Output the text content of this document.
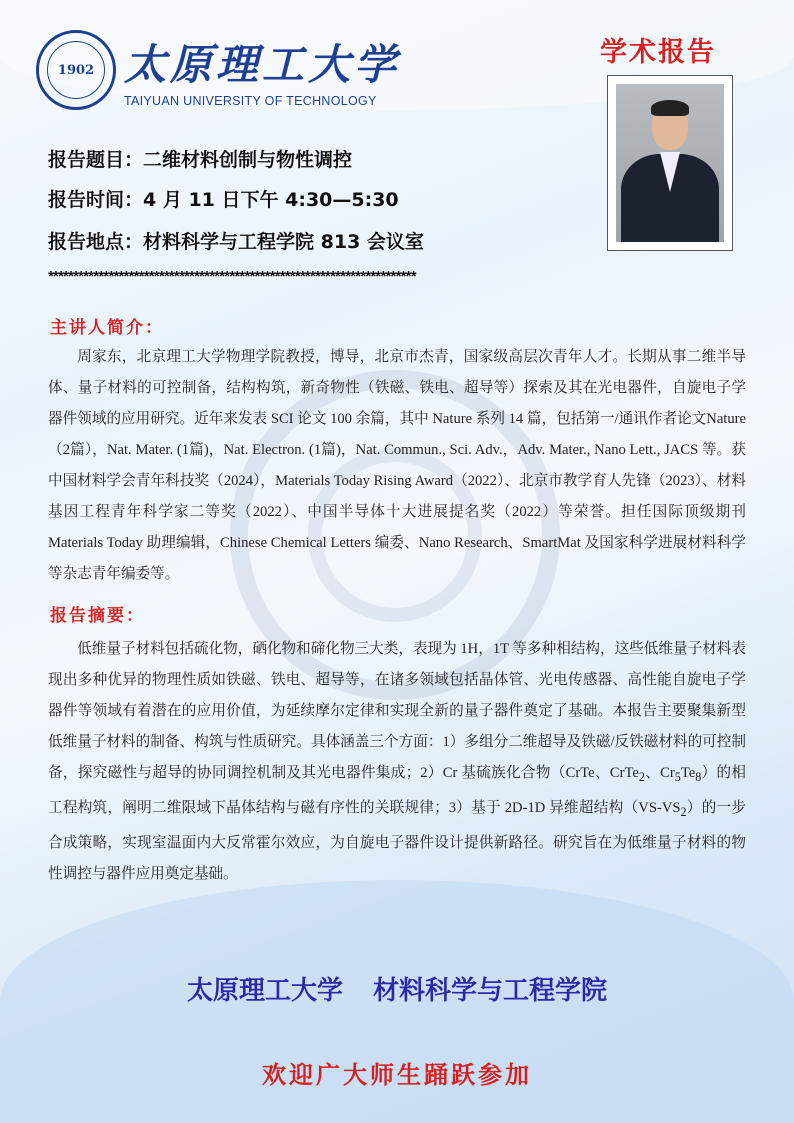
1902 太原理工大学
TAIYUAN UNIVERSITY OF TECHNOLOGY
学术报告
报告题目：二维材料创制与物性调控
报告时间：4 月 11 日下午 4:30—5:30
报告地点：材料科学与工程学院 813 会议室
*************************************************************************
主讲人简介：
周家东，北京理工大学物理学院教授，博导，北京市杰青，国家级高层次青年人才。长期从事二维半导体、量子材料的可控制备，结构构筑，新奇物性（铁磁、铁电、超导等）探索及其在光电器件，自旋电子学器件领域的应用研究。近年来发表 SCI 论文 100 余篇，其中 Nature 系列 14 篇，包括第一/通讯作者论文Nature（2篇），Nat. Mater. (1篇)，Nat. Electron. (1篇)，Nat. Commun., Sci. Adv.，Adv. Mater., Nano Lett., JACS 等。获中国材料学会青年科技奖（2024），Materials Today Rising Award（2022）、北京市教学育人先锋（2023）、材料基因工程青年科学家二等奖（2022）、中国半导体十大进展提名奖（2022）等荣誉。担任国际顶级期刊 Materials Today 助理编辑，Chinese Chemical Letters 编委、Nano Research、SmartMat 及国家科学进展材料科学等杂志青年编委等。
报告摘要：
低维量子材料包括硫化物，硒化物和碲化物三大类，表现为 1H，1T 等多种相结构，这些低维量子材料表现出多种优异的物理性质如铁磁、铁电、超导等，在诸多领域包括晶体管、光电传感器、高性能自旋电子学器件等领域有着潜在的应用价值，为延续摩尔定律和实现全新的量子器件奠定了基础。本报告主要聚集新型低维量子材料的制备、构筑与性质研究。具体涵盖三个方面：1）多组分二维超导及铁磁/反铁磁材料的可控制备，探究磁性与超导的协同调控机制及其光电器件集成；2）Cr 基硫族化合物（CrTe、CrTe$_2$、$Cr_5Te_8$）的相工程构筑，阐明二维限域下晶体结构与磁有序性的关联规律；3）基于 2D-1D 异维超结构$(VS-VS_2)$的一步合成策略，实现室温面内大反常霍尔效应，为自旋电子器件设计提供新路径。研究旨在为低维量子材料的物性调控与器件应用奠定基础。
太原理工大学 材料科学与工程学院
欢迎广大师生踊跃参加
